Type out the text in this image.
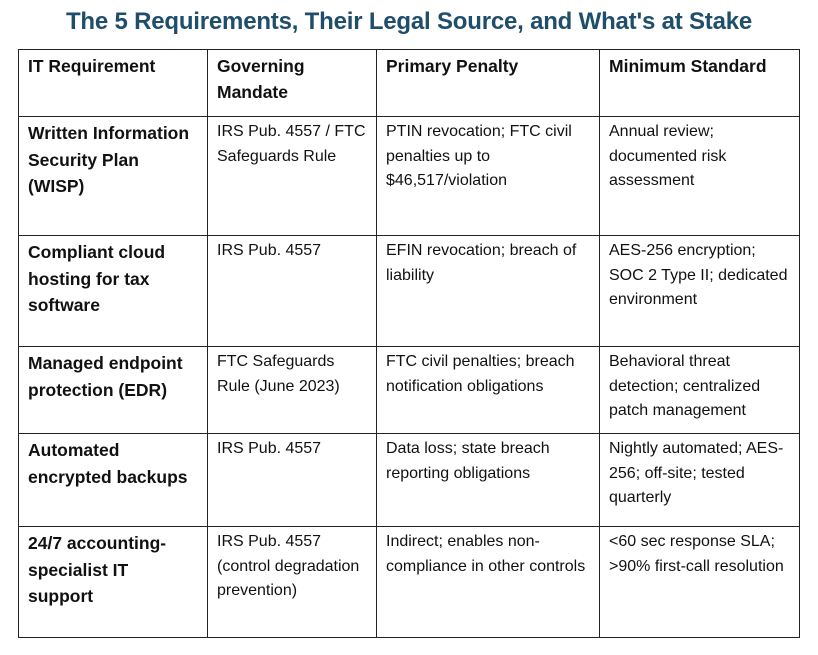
The 5 Requirements, Their Legal Source, and What's at Stake
IT Requirement	Governing Mandate	Primary Penalty	Minimum Standard
Written Information Security Plan (WISP)	IRS Pub. 4557 / FTC Safeguards Rule	PTIN revocation; FTC civil penalties up to $46,517/violation	Annual review; documented risk assessment
Compliant cloud hosting for tax software	IRS Pub. 4557	EFIN revocation; breach of liability	AES-256 encryption; SOC 2 Type II; dedicated environment
Managed endpoint protection (EDR)	FTC Safeguards Rule (June 2023)	FTC civil penalties; breach notification obligations	Behavioral threat detection; centralized patch management
Automated encrypted backups	IRS Pub. 4557	Data loss; state breach reporting obligations	Nightly automated; AES-256; off-site; tested quarterly
24/7 accounting-specialist IT support	IRS Pub. 4557 (control degradation prevention)	Indirect; enables non-compliance in other controls	<60 sec response SLA; >90% first-call resolution
